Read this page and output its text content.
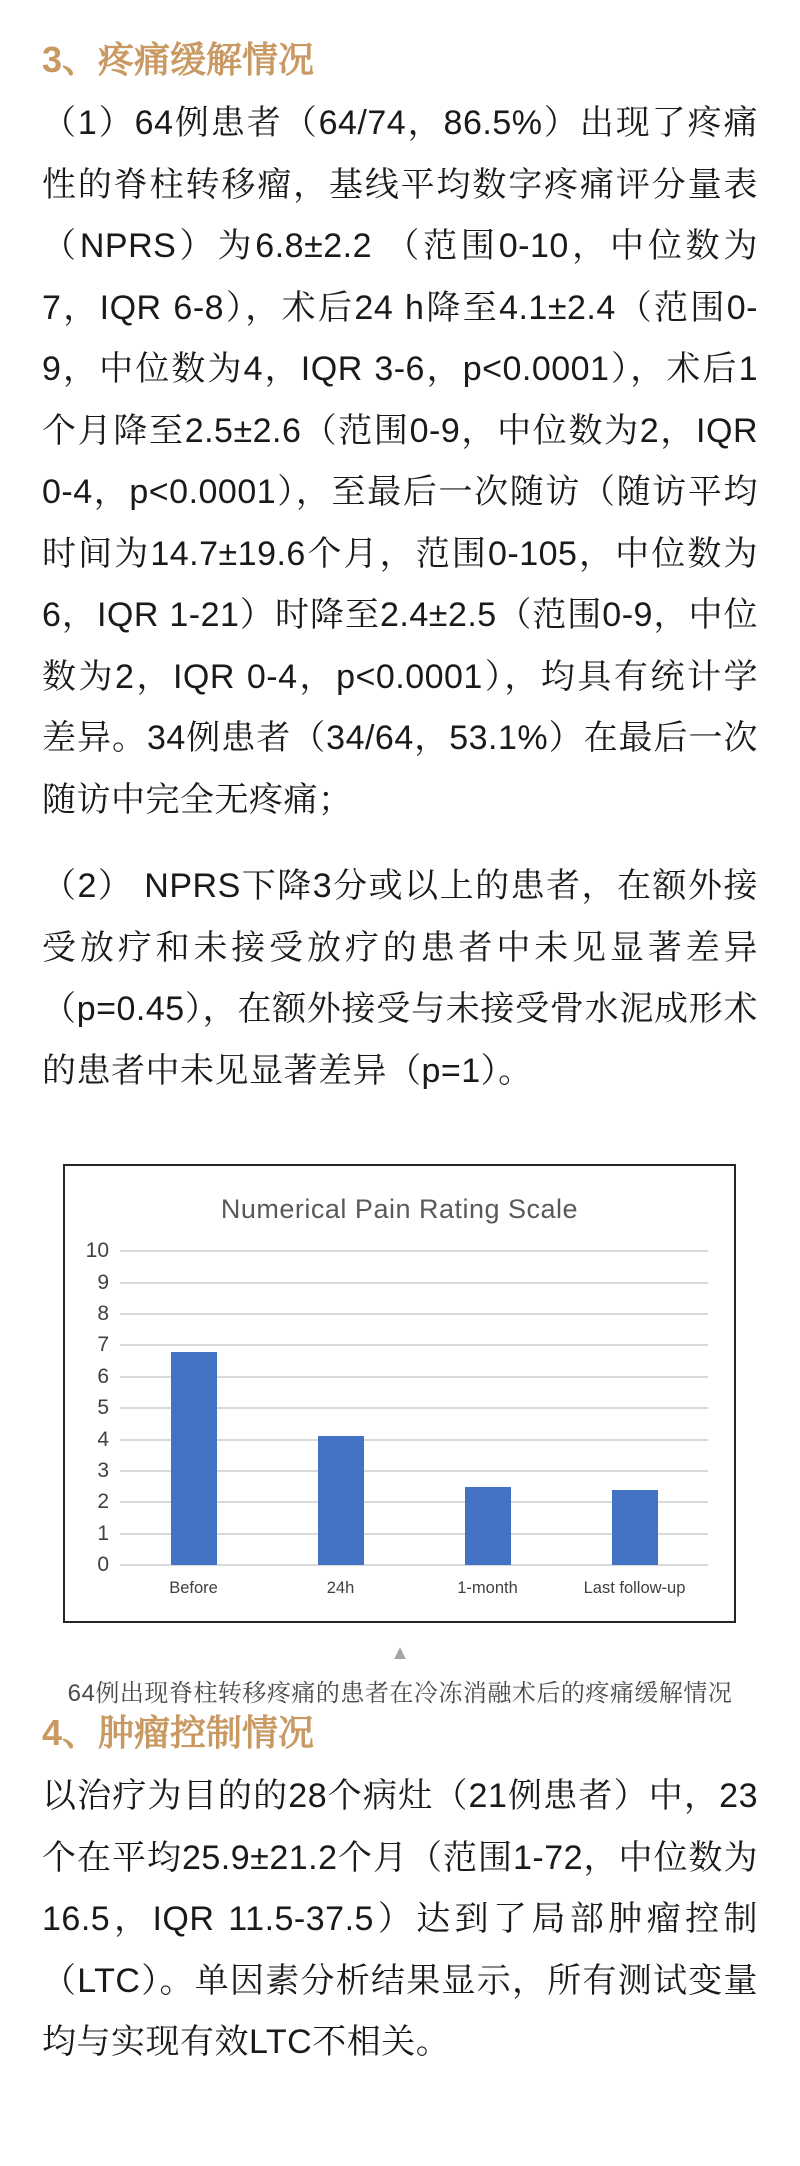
3、疼痛缓解情况

（1）64例患者（64/74，86.5%）出现了疼痛性的脊柱转移瘤，基线平均数字疼痛评分量表（NPRS）为6.8±2.2 （范围0-10，中位数为7，IQR 6-8），术后24 h降至4.1±2.4（范围0-9，中位数为4，IQR 3-6，p<0.0001），术后1个月降至2.5±2.6（范围0-9，中位数为2，IQR 0-4，p<0.0001），至最后一次随访（随访平均时间为14.7±19.6个月，范围0-105，中位数为6，IQR 1-21）时降至2.4±2.5（范围0-9，中位数为2，IQR 0-4，p<0.0001），均具有统计学差异。34例患者（34/64，53.1%）在最后一次随访中完全无疼痛；

（2） NPRS下降3分或以上的患者，在额外接受放疗和未接受放疗的患者中未见显著差异（p=0.45），在额外接受与未接受骨水泥成形术的患者中未见显著差异（p=1）。

Numerical Pain Rating Scale
10
9
8
7
6
5
4
3
2
1
0
Before	24h	1-month	Last follow-up
▲
64例出现脊柱转移疼痛的患者在冷冻消融术后的疼痛缓解情况
4、肿瘤控制情况

以治疗为目的的28个病灶（21例患者）中，23个在平均25.9±21.2个月（范围1-72，中位数为16.5，IQR 11.5-37.5）达到了局部肿瘤控制（LTC）。单因素分析结果显示，所有测试变量均与实现有效LTC不相关。
